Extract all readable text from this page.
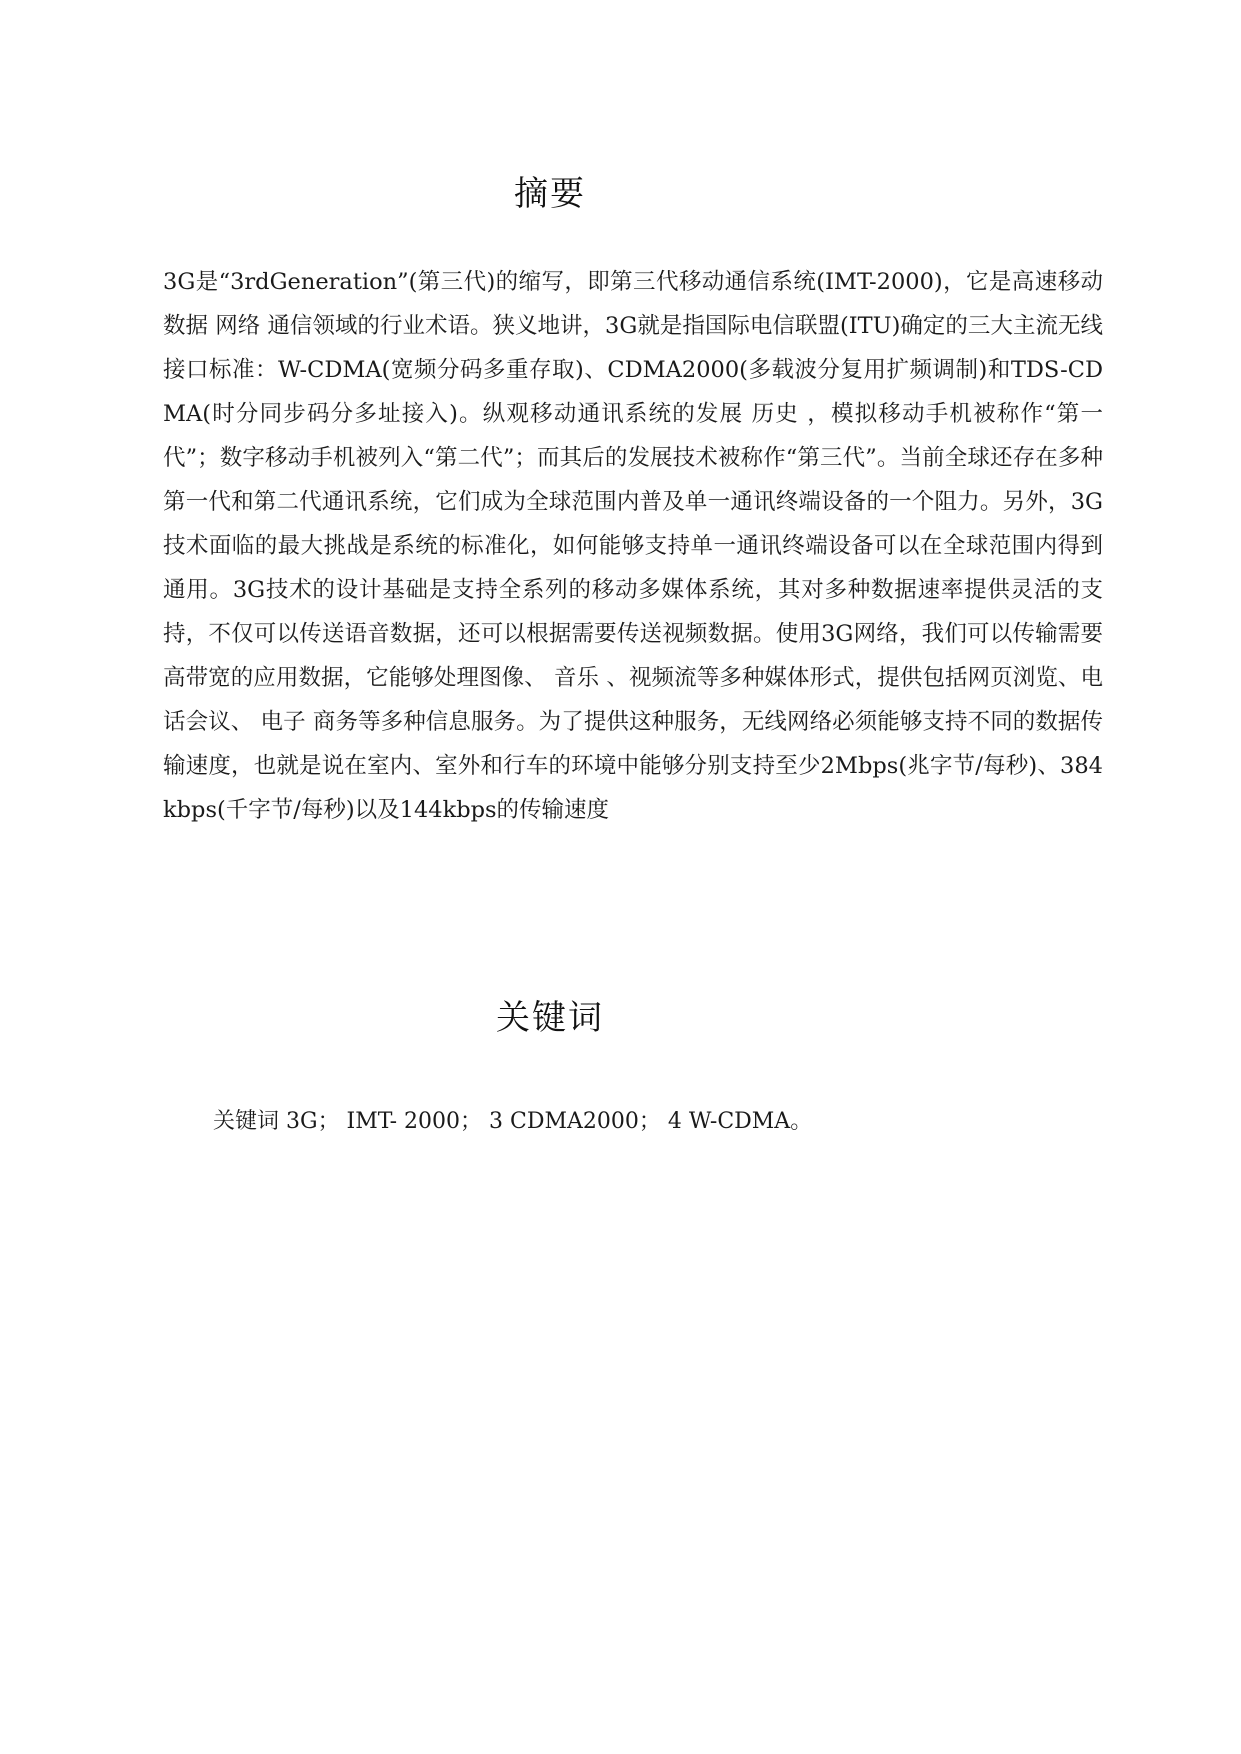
摘要

3G是“3rdGeneration”(第三代)的缩写，即第三代移动通信系统(IMT-2000)，它是高速移动数据 网络 通信领域的行业术语。狭义地讲，3G就是指国际电信联盟(ITU)确定的三大主流无线接口标准：W-CDMA(宽频分码多重存取)、CDMA2000(多载波分复用扩频调制)和TDS-CDMA(时分同步码分多址接入)。纵观移动通讯系统的发展 历史 ，模拟移动手机被称作“第一代”；数字移动手机被列入“第二代”；而其后的发展技术被称作“第三代”。当前全球还存在多种第一代和第二代通讯系统，它们成为全球范围内普及单一通讯终端设备的一个阻力。另外，3G技术面临的最大挑战是系统的标准化，如何能够支持单一通讯终端设备可以在全球范围内得到通用。3G技术的设计基础是支持全系列的移动多媒体系统，其对多种数据速率提供灵活的支持，不仅可以传送语音数据，还可以根据需要传送视频数据。使用3G网络，我们可以传输需要高带宽的应用数据，它能够处理图像、 音乐 、视频流等多种媒体形式，提供包括网页浏览、电话会议、 电子 商务等多种信息服务。为了提供这种服务，无线网络必须能够支持不同的数据传输速度，也就是说在室内、室外和行车的环境中能够分别支持至少2Mbps(兆字节/每秒)、384kbps(千字节/每秒)以及144kbps的传输速度

关键词

关键词 3G； IMT- 2000； 3 CDMA2000； 4 W-CDMA。
